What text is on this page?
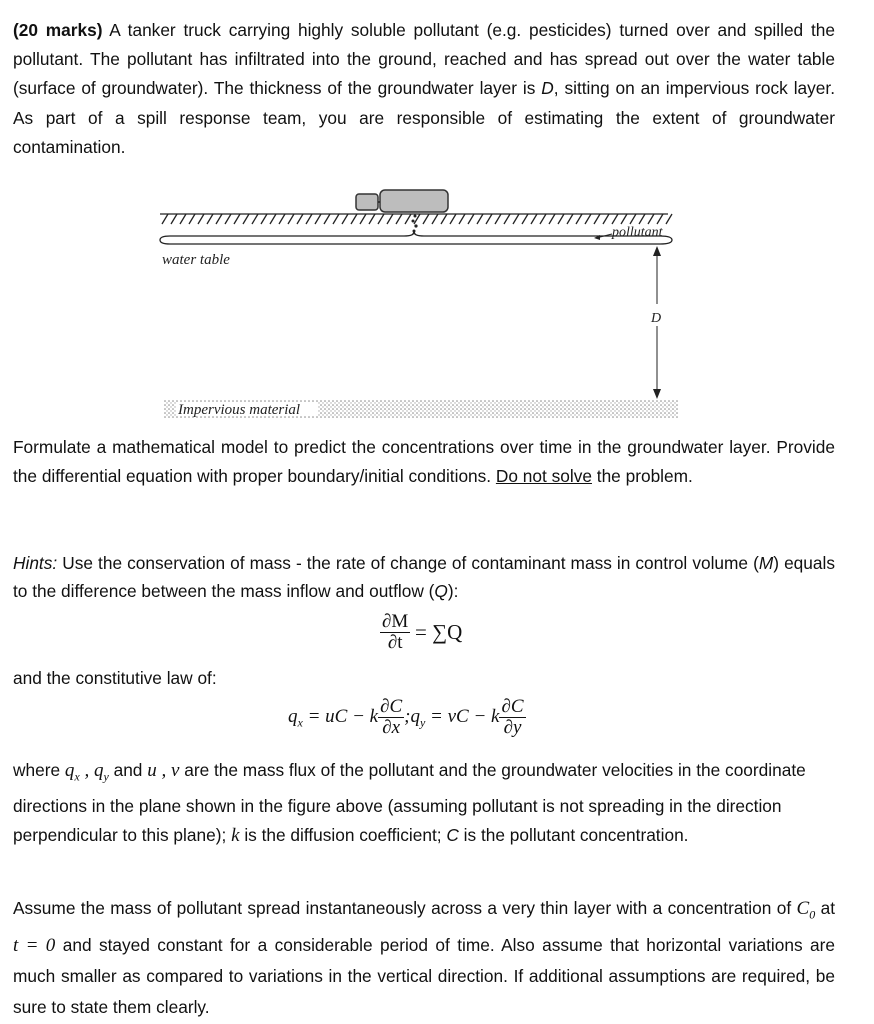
(20 marks) A tanker truck carrying highly soluble pollutant (e.g. pesticides) turned over and spilled the pollutant. The pollutant has infiltrated into the ground, reached and has spread out over the water table (surface of groundwater). The thickness of the groundwater layer is D, sitting on an impervious rock layer. As part of a spill response team, you are responsible of estimating the extent of groundwater contamination.

pollutant
water table
D
Impervious material

Formulate a mathematical model to predict the concentrations over time in the groundwater layer. Provide the differential equation with proper boundary/initial conditions. Do not solve the problem.

Hints: Use the conservation of mass - the rate of change of contaminant mass in control volume (M) equals to the difference between the mass inflow and outflow (Q):

$\frac{\partial M}{\partial t} = \sum Q$

and the constitutive law of:

$q_x$ = uC − k $\frac{\partial C}{\partial x}$ $;q_y$ = vC − k $\frac{\partial C}{\partial y}$

where $q_x$ , $q_y$ and u , v are the mass flux of the pollutant and the groundwater velocities in the coordinate directions in the plane shown in the figure above (assuming pollutant is not spreading in the direction perpendicular to this plane); k is the diffusion coefficient; C is the pollutant concentration.

Assume the mass of pollutant spread instantaneously across a very thin layer with a concentration of $C_0$ at t = 0 and stayed constant for a considerable period of time. Also assume that horizontal variations are much smaller as compared to variations in the vertical direction. If additional assumptions are required, be sure to state them clearly.
